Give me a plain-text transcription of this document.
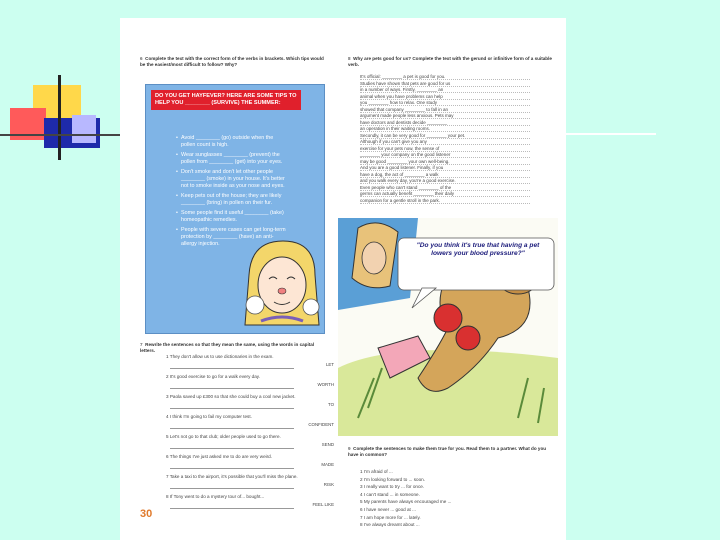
6 Complete the text with the correct form of the verbs in brackets. Which tips would be the easiest/most difficult to follow? Why?

DO YOU GET HAYFEVER? HERE ARE SOME TIPS TO HELP YOU ________ (SURVIVE) THE SUMMER:
• Avoid ________ (go) outside when the pollen count is high.
• Wear sunglasses ________ (prevent) the pollen from ________ (get) into your eyes.
• Don't smoke and don't let other people ________ (smoke) in your house. It's better not to smoke inside as your nose and eyes.
• Keep pets out of the house; they are likely ________ (bring) in pollen on their fur.
• Some people find it useful ________ (take) homeopathic remedies.
• People with severe cases can get long-term protection by ________ (have) an anti-allergy injection.

7 Rewrite the sentences so that they mean the same, using the words in capital letters.

1 They don't allow us to use dictionaries in the exam.
LET
2 It's good exercise to go for a walk every day.
WORTH
3 Paola saved up £300 so that she could buy a cool new jacket.
TO
4 I think I'm going to fail my computer test.
CONFIDENT
5 Let's not go to that club; older people used to go there.
SEND
6 The things I've just asked me to do are very weird.
MADE
7 Take a taxi to the airport, it's possible that you'll miss the plane.
RISK
8 If Tony went to do a mystery tour of... bought...
FEEL LIKE
30

8 Why are pets good for us? Complete the text with the gerund or infinitive form of a suitable verb.

It's official: ________ a pet is good for you.
Studies have shown that pets are good for us
in a number of ways. Firstly, ________ an
animal when you have problems can help
you ________ how to relax. One study
showed that company ________ to fall in an
argument made people less anxious. Pets may
have doctors and dentists decide ________
an operation in their waiting rooms.
Secondly, it can be very good for ________ your pet.
Although if you can't give you any
exercise for your pets now, the sense of
________ your company on the good listener
may be good ________ your own well-being.
And you are a good listener. Finally, if you
have a dog, the act of ________ a walk
and you walk every day, you're a good exercise.
Even people who can't stand ________ of the
germs can actually benefit ________ their daily
companion for a gentle stroll in the park.
"Do you think it's true that having a pet lowers your blood pressure?"

9 Complete the sentences to make them true for you. Read them to a partner. What do you have in common?

1 I'm afraid of ...

2 I'm looking forward to ... soon.

3 I really want to try ... for once.

4 I can't stand ... in someone.

5 My parents have always encouraged me ...

6 I have never ... good at ...

7 I am hope more for ... lately.

8 I've always dreamt about ...
